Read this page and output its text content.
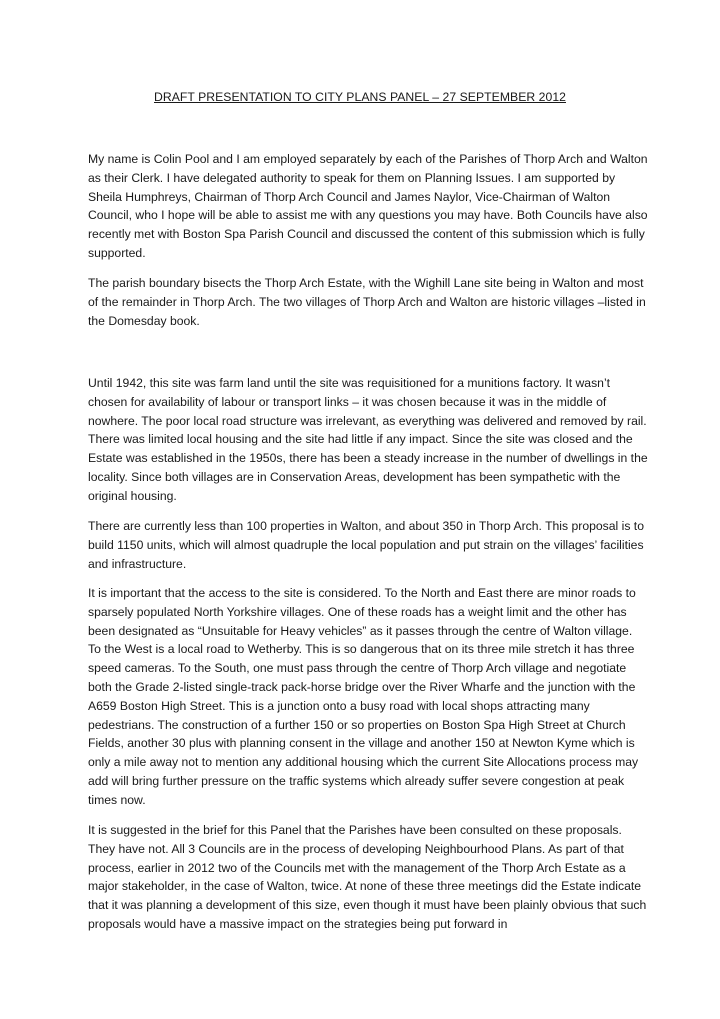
DRAFT PRESENTATION TO CITY PLANS PANEL – 27 SEPTEMBER 2012

My name is Colin Pool and I am employed separately by each of the Parishes of Thorp Arch and Walton as their Clerk. I have delegated authority to speak for them on Planning Issues. I am supported by Sheila Humphreys, Chairman of Thorp Arch Council and James Naylor, Vice-Chairman of Walton Council, who I hope will be able to assist me with any questions you may have. Both Councils have also recently met with Boston Spa Parish Council and discussed the content of this submission which is fully supported.

The parish boundary bisects the Thorp Arch Estate, with the Wighill Lane site being in Walton and most of the remainder in Thorp Arch. The two villages of Thorp Arch and Walton are historic villages –listed in the Domesday book.

Until 1942, this site was farm land until the site was requisitioned for a munitions factory. It wasn’t chosen for availability of labour or transport links – it was chosen because it was in the middle of nowhere. The poor local road structure was irrelevant, as everything was delivered and removed by rail. There was limited local housing and the site had little if any impact. Since the site was closed and the Estate was established in the 1950s, there has been a steady increase in the number of dwellings in the locality. Since both villages are in Conservation Areas, development has been sympathetic with the original housing.

There are currently less than 100 properties in Walton, and about 350 in Thorp Arch. This proposal is to build 1150 units, which will almost quadruple the local population and put strain on the villages’ facilities and infrastructure.

It is important that the access to the site is considered. To the North and East there are minor roads to sparsely populated North Yorkshire villages. One of these roads has a weight limit and the other has been designated as “Unsuitable for Heavy vehicles” as it passes through the centre of Walton village. To the West is a local road to Wetherby. This is so dangerous that on its three mile stretch it has three speed cameras. To the South, one must pass through the centre of Thorp Arch village and negotiate both the Grade 2-listed single-track pack-horse bridge over the River Wharfe and the junction with the A659 Boston High Street. This is a junction onto a busy road with local shops attracting many pedestrians. The construction of a further 150 or so properties on Boston Spa High Street at Church Fields, another 30 plus with planning consent in the village and another 150 at Newton Kyme which is only a mile away not to mention any additional housing which the current Site Allocations process may add will bring further pressure on the traffic systems which already suffer severe congestion at peak times now.

It is suggested in the brief for this Panel that the Parishes have been consulted on these proposals. They have not. All 3 Councils are in the process of developing Neighbourhood Plans. As part of that process, earlier in 2012 two of the Councils met with the management of the Thorp Arch Estate as a major stakeholder, in the case of Walton, twice. At none of these three meetings did the Estate indicate that it was planning a development of this size, even though it must have been plainly obvious that such proposals would have a massive impact on the strategies being put forward in
